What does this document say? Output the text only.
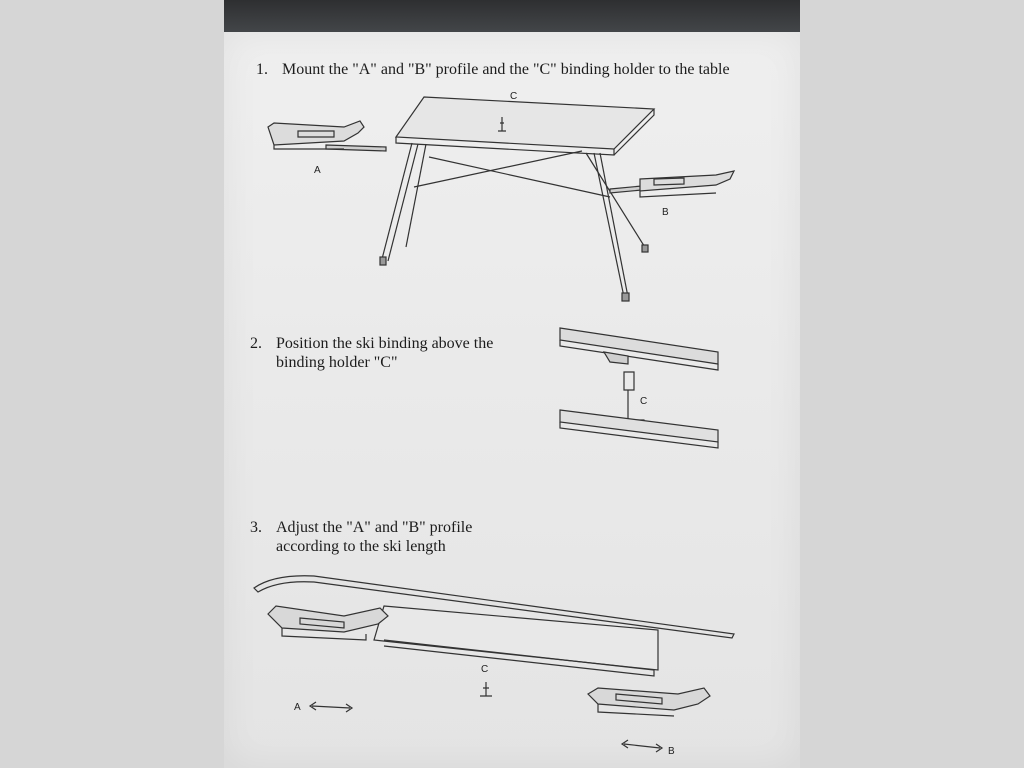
1. Mount the "A" and "B" profile and the "C" binding holder to the table
A
C
B
2. Position the ski binding above the
binding holder "C"
C
3. Adjust the "A" and "B" profile
according to the ski length
A
C
B
